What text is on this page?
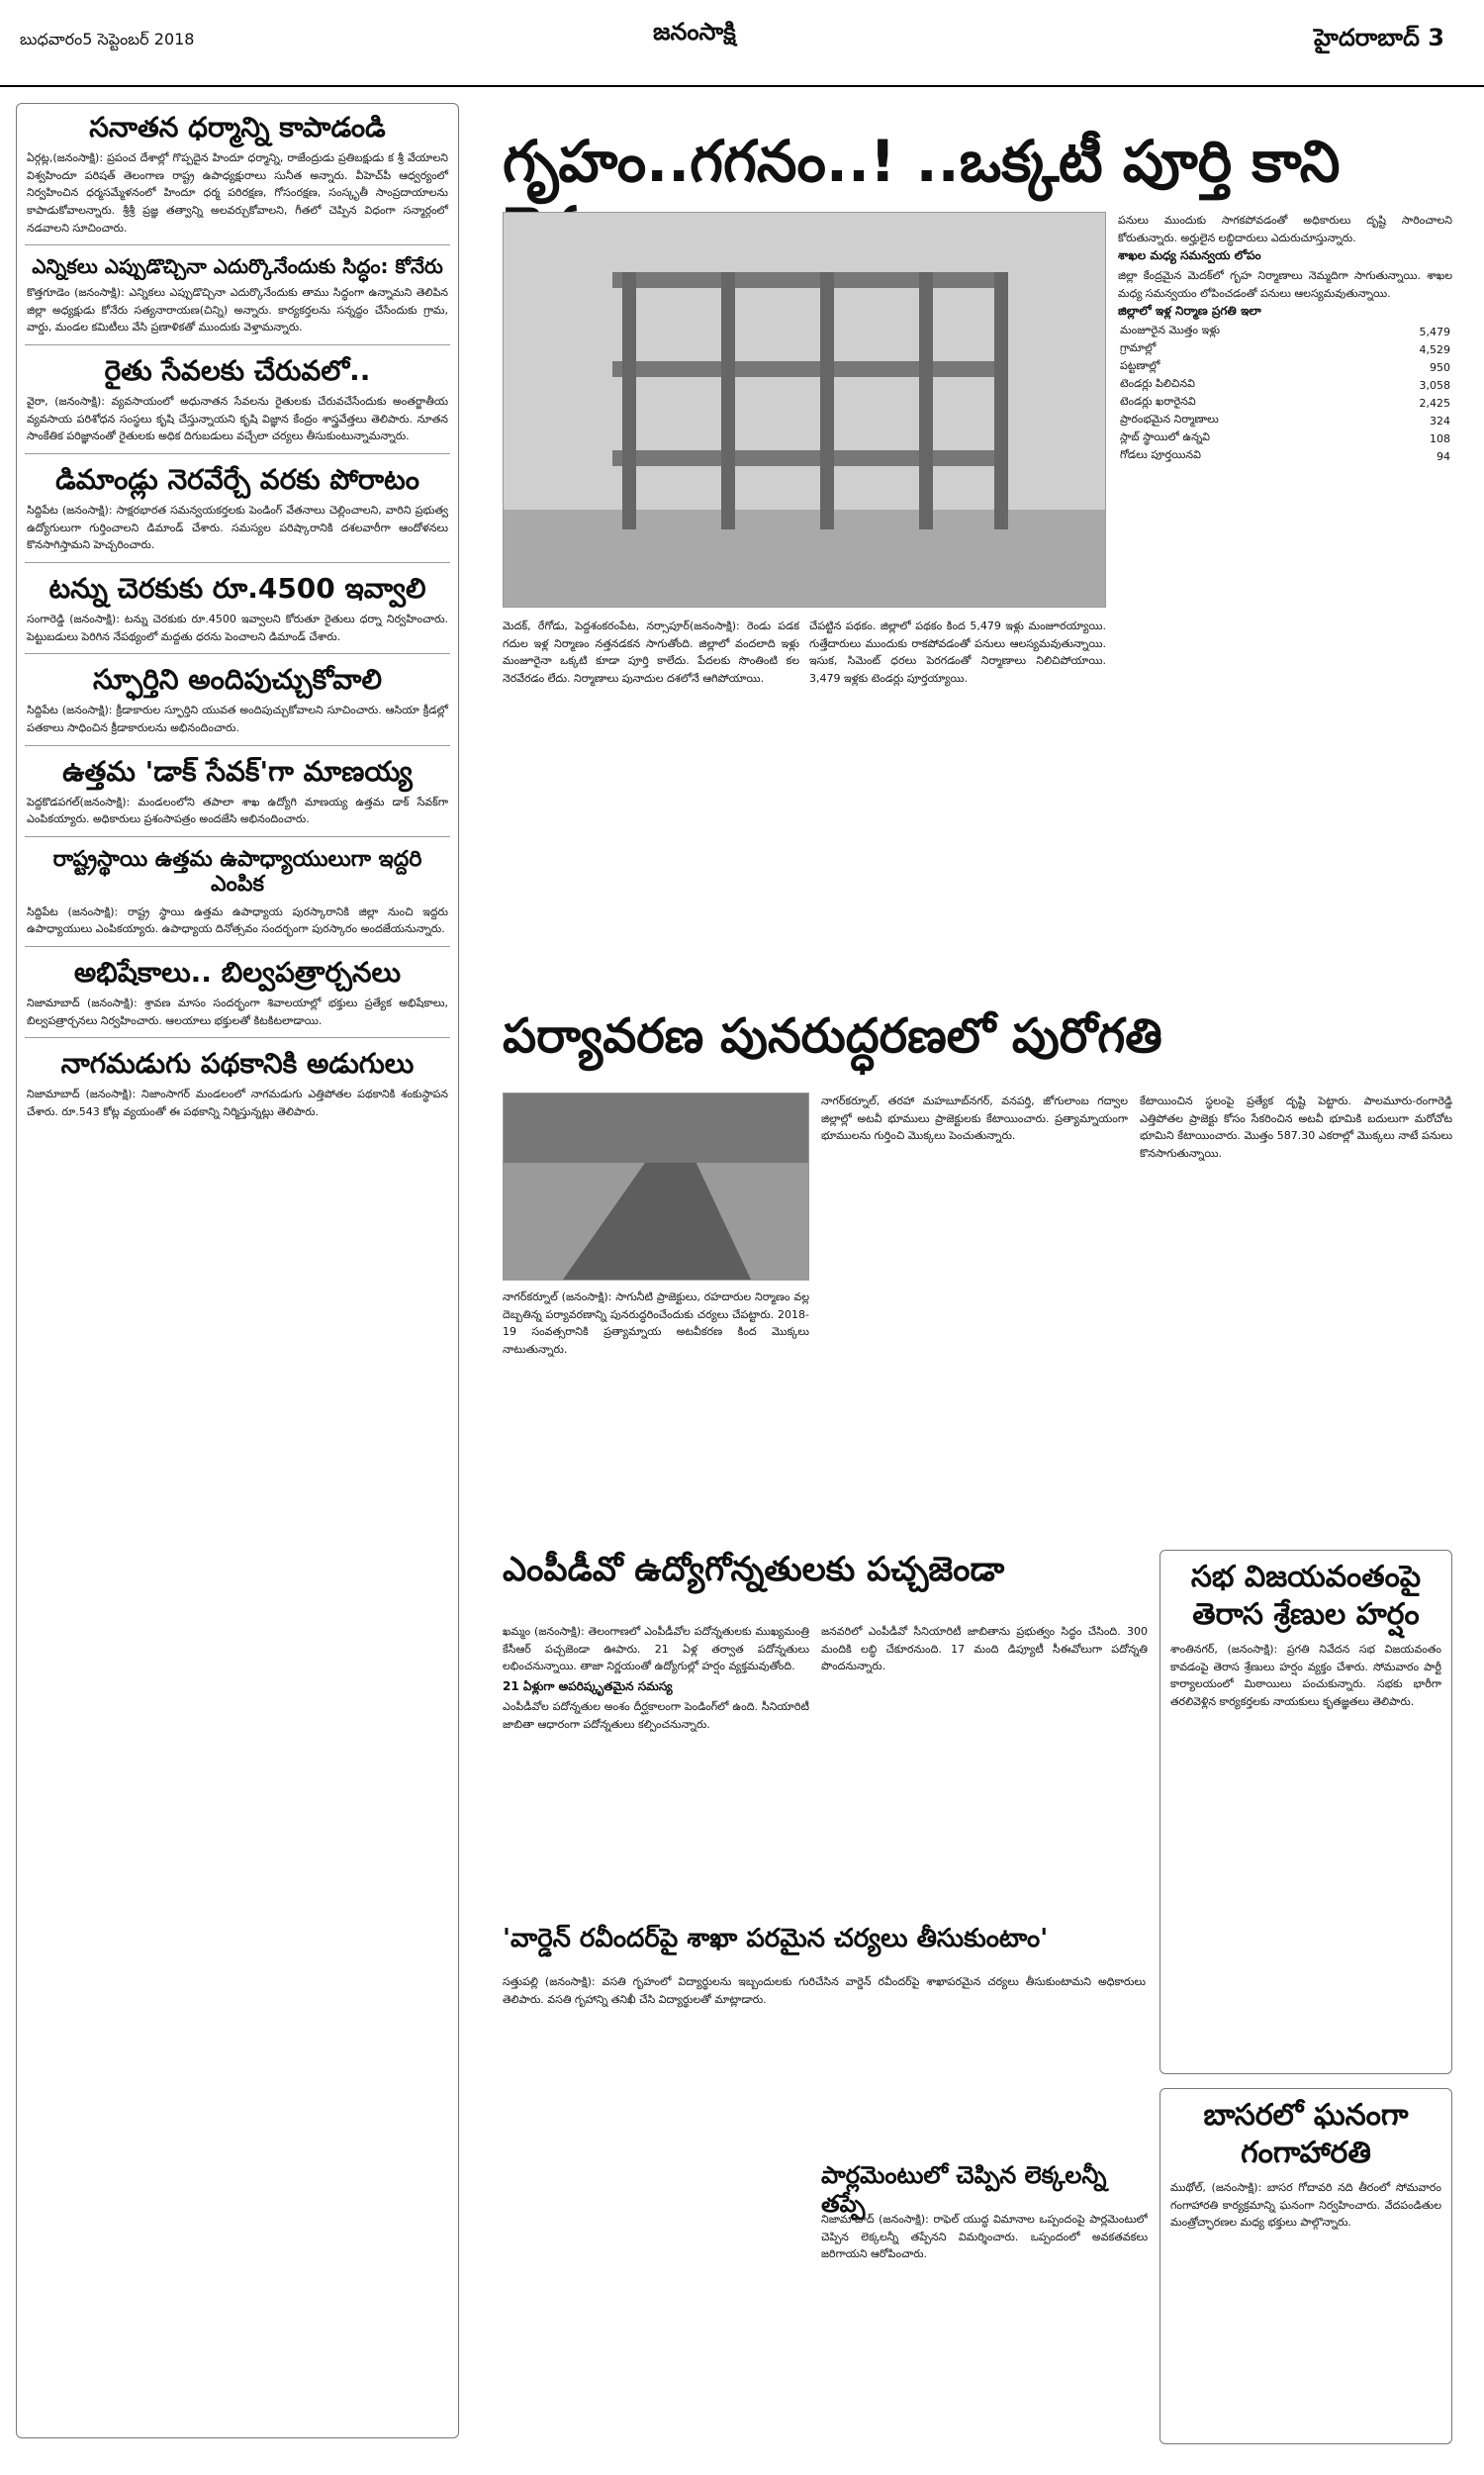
బుధవారం5 సెప్టెంబర్ 2018	జనంసాక్షి	హైదరాబాద్ 3
సనాతన ధర్మాన్ని కాపాడండి

ఏర్గట్ల,(జనంసాక్షి): ప్రపంచ దేశాల్లో గొప్పదైన హిందూ ధర్మాన్ని, రాజేంద్రుడు ప్రతిబక్షుడు క శ్రీ వేయాలని విశ్వహిందూ పరిషత్ తెలంగాణ రాష్ట్ర ఉపాధ్యక్షురాలు సునీత అన్నారు. వీహెచ్‌పీ ఆధ్వర్యంలో నిర్వహించిన ధర్మసమ్మేళనంలో హిందూ ధర్మ పరిరక్షణ, గోసంరక్షణ, సంస్కృతీ సాంప్రదాయాలను కాపాడుకోవాలన్నారు. శ్రీశ్రీ ప్రజ్ఞ తత్వాన్ని అలవర్చుకోవాలని, గీతలో చెప్పిన విధంగా సన్మార్గంలో నడవాలని సూచించారు.

ఎన్నికలు ఎప్పుడొచ్చినా ఎదుర్కొనేందుకు సిద్ధం: కోనేరు

కొత్తగూడెం (జనంసాక్షి): ఎన్నికలు ఎప్పుడొచ్చినా ఎదుర్కొనేందుకు తాము సిద్ధంగా ఉన్నామని తెలిపిన జిల్లా అధ్యక్షుడు కోనేరు సత్యనారాయణ(చిన్ని) అన్నారు. కార్యకర్తలను సన్నద్ధం చేసేందుకు గ్రామ, వార్డు, మండల కమిటీలు వేసి ప్రణాళికతో ముందుకు వెళ్తామన్నారు.

రైతు సేవలకు చేరువలో..

వైరా, (జనంసాక్షి): వ్యవసాయంలో అధునాతన సేవలను రైతులకు చేరువచేసేందుకు అంతర్జాతీయ వ్యవసాయ పరిశోధన సంస్థలు కృషి చేస్తున్నాయని కృషి విజ్ఞాన కేంద్రం శాస్త్రవేత్తలు తెలిపారు. నూతన సాంకేతిక పరిజ్ఞానంతో రైతులకు అధిక దిగుబడులు వచ్చేలా చర్యలు తీసుకుంటున్నామన్నారు.

డిమాండ్లు నెరవేర్చే వరకు పోరాటం

సిద్దిపేట (జనంసాక్షి): సాక్షరభారత సమన్వయకర్తలకు పెండింగ్ వేతనాలు చెల్లించాలని, వారిని ప్రభుత్వ ఉద్యోగులుగా గుర్తించాలని డిమాండ్ చేశారు. సమస్యల పరిష్కారానికి దశలవారీగా ఆందోళనలు కొనసాగిస్తామని హెచ్చరించారు.

టన్ను చెరకుకు రూ.4500 ఇవ్వాలి

సంగారెడ్డి (జనంసాక్షి): టన్ను చెరకుకు రూ.4500 ఇవ్వాలని కోరుతూ రైతులు ధర్నా నిర్వహించారు. పెట్టుబడులు పెరిగిన నేపథ్యంలో మద్దతు ధరను పెంచాలని డిమాండ్ చేశారు.

స్ఫూర్తిని అందిపుచ్చుకోవాలి

సిద్దిపేట (జనంసాక్షి): క్రీడాకారుల స్ఫూర్తిని యువత అందిపుచ్చుకోవాలని సూచించారు. ఆసియా క్రీడల్లో పతకాలు సాధించిన క్రీడాకారులను అభినందించారు.

ఉత్తమ 'డాక్ సేవక్'గా మాణయ్య

పెద్దకొడపగల్(జనంసాక్షి): మండలంలోని తపాలా శాఖ ఉద్యోగి మాణయ్య ఉత్తమ డాక్ సేవక్‌గా ఎంపికయ్యారు. అధికారులు ప్రశంసాపత్రం అందజేసి అభినందించారు.

రాష్ట్రస్థాయి ఉత్తమ ఉపాధ్యాయులుగా ఇద్దరి ఎంపిక

సిద్దిపేట (జనంసాక్షి): రాష్ట్ర స్థాయి ఉత్తమ ఉపాధ్యాయ పురస్కారానికి జిల్లా నుంచి ఇద్దరు ఉపాధ్యాయులు ఎంపికయ్యారు. ఉపాధ్యాయ దినోత్సవం సందర్భంగా పురస్కారం అందజేయనున్నారు.

అభిషేకాలు.. బిల్వపత్రార్చనలు

నిజామాబాద్ (జనంసాక్షి): శ్రావణ మాసం సందర్భంగా శివాలయాల్లో భక్తులు ప్రత్యేక అభిషేకాలు, బిల్వపత్రార్చనలు నిర్వహించారు. ఆలయాలు భక్తులతో కిటకిటలాడాయి.

నాగమడుగు పథకానికి అడుగులు

నిజామాబాద్ (జనంసాక్షి): నిజాంసాగర్ మండలంలో నాగమడుగు ఎత్తిపోతల పథకానికి శంకుస్థాపన చేశారు. రూ.543 కోట్ల వ్యయంతో ఈ పథకాన్ని నిర్మిస్తున్నట్లు తెలిపారు.

గృహం..గగనం..! ..ఒక్కటీ పూర్తి కాని
మెదక్, రేగోడు, పెద్దశంకరంపేట, నర్సాపూర్(జనంసాక్షి): రెండు పడక గదుల ఇళ్ల నిర్మాణం నత్తనడకన సాగుతోంది. జిల్లాలో వందలాది ఇళ్లు మంజూరైనా ఒక్కటి కూడా పూర్తి కాలేదు. పేదలకు సొంతింటి కల నెరవేరడం లేదు. నిర్మాణాలు పునాదుల దశలోనే ఆగిపోయాయి.
చేపట్టిన పథకం. జిల్లాలో పథకం కింద 5,479 ఇళ్లు మంజూరయ్యాయి. గుత్తేదారులు ముందుకు రాకపోవడంతో పనులు ఆలస్యమవుతున్నాయి. ఇసుక, సిమెంట్ ధరలు పెరగడంతో నిర్మాణాలు నిలిచిపోయాయి. 3,479 ఇళ్లకు టెండర్లు పూర్తయ్యాయి.
పనులు ముందుకు సాగకపోవడంతో అధికారులు దృష్టి సారించాలని కోరుతున్నారు. అర్హులైన లబ్ధిదారులు ఎదురుచూస్తున్నారు.
శాఖల మధ్య సమన్వయ లోపం
జిల్లా కేంద్రమైన మెదక్‌లో గృహ నిర్మాణాలు నెమ్మదిగా సాగుతున్నాయి. శాఖల మధ్య సమన్వయం లోపించడంతో పనులు ఆలస్యమవుతున్నాయి.
జిల్లాలో ఇళ్ల నిర్మాణ ప్రగతి ఇలా
మంజూరైన మొత్తం ఇళ్లు	5,479
గ్రామాల్లో	4,529
పట్టణాల్లో	950
టెండర్లు పిలిచినవి	3,058
టెండర్లు ఖరారైనవి	2,425
ప్రారంభమైన నిర్మాణాలు	324
స్లాబ్ స్థాయిలో ఉన్నవి	108
గోడలు పూర్తయినవి	94
పర్యావరణ పునరుద్ధరణలో పురోగతి
నాగర్‌కర్నూల్ (జనంసాక్షి): సాగునీటి ప్రాజెక్టులు, రహదారుల నిర్మాణం వల్ల దెబ్బతిన్న పర్యావరణాన్ని పునరుద్ధరించేందుకు చర్యలు చేపట్టారు. 2018-19 సంవత్సరానికి ప్రత్యామ్నాయ అటవీకరణ కింద మొక్కలు నాటుతున్నారు.
నాగర్‌కర్నూల్, తరహా మహబూబ్‌నగర్, వనపర్తి, జోగులాంబ గద్వాల జిల్లాల్లో అటవీ భూములు ప్రాజెక్టులకు కేటాయించారు. ప్రత్యామ్నాయంగా భూములను గుర్తించి మొక్కలు పెంచుతున్నారు.
కేటాయించిన స్థలంపై ప్రత్యేక దృష్టి పెట్టారు. పాలమూరు-రంగారెడ్డి ఎత్తిపోతల ప్రాజెక్టు కోసం సేకరించిన అటవీ భూమికి బదులుగా మరోచోట భూమిని కేటాయించారు. మొత్తం 587.30 ఎకరాల్లో మొక్కలు నాటే పనులు కొనసాగుతున్నాయి.
ఎంపీడీవో ఉద్యోగోన్నతులకు పచ్చజెండా
ఖమ్మం (జనంసాక్షి): తెలంగాణలో ఎంపీడీవోల పదోన్నతులకు ముఖ్యమంత్రి కేసీఆర్ పచ్చజెండా ఊపారు. 21 ఏళ్ల తర్వాత పదోన్నతులు లభించనున్నాయి. తాజా నిర్ణయంతో ఉద్యోగుల్లో హర్షం వ్యక్తమవుతోంది.
21 ఏళ్లుగా అపరిష్కృతమైన సమస్య
ఎంపీడీవోల పదోన్నతుల అంశం దీర్ఘకాలంగా పెండింగ్‌లో ఉంది. సీనియారిటీ జాబితా ఆధారంగా పదోన్నతులు కల్పించనున్నారు.
జనవరిలో ఎంపీడీవో సీనియారిటీ జాబితాను ప్రభుత్వం సిద్ధం చేసింది. 300 మందికి లబ్ధి చేకూరనుంది. 17 మంది డిప్యూటీ సీఈవోలుగా పదోన్నతి పొందనున్నారు.
సభ విజయవంతంపై తెరాస శ్రేణుల హర్షం
శాంతినగర్, (జనంసాక్షి): ప్రగతి నివేదన సభ విజయవంతం కావడంపై తెరాస శ్రేణులు హర్షం వ్యక్తం చేశారు. సోమవారం పార్టీ కార్యాలయంలో మిఠాయిలు పంచుకున్నారు. సభకు భారీగా తరలివెళ్లిన కార్యకర్తలకు నాయకులు కృతజ్ఞతలు తెలిపారు.
'వార్డెన్ రవీందర్‌పై శాఖా పరమైన చర్యలు తీసుకుంటాం'
సత్తుపల్లి (జనంసాక్షి): వసతి గృహంలో విద్యార్థులను ఇబ్బందులకు గురిచేసిన వార్డెన్ రవీందర్‌పై శాఖాపరమైన చర్యలు తీసుకుంటామని అధికారులు తెలిపారు. వసతి గృహాన్ని తనిఖీ చేసి విద్యార్థులతో మాట్లాడారు.
పార్లమెంటులో చెప్పిన లెక్కలన్నీ తప్పే
నిజామాబాద్ (జనంసాక్షి): రాఫెల్ యుద్ధ విమానాల ఒప్పందంపై పార్లమెంటులో చెప్పిన లెక్కలన్నీ తప్పేనని విమర్శించారు. ఒప్పందంలో అవకతవకలు జరిగాయని ఆరోపించారు.
బాసరలో ఘనంగా గంగాహారతి
ముథోల్, (జనంసాక్షి): బాసర గోదావరి నది తీరంలో సోమవారం గంగాహారతి కార్యక్రమాన్ని ఘనంగా నిర్వహించారు. వేదపండితుల మంత్రోచ్ఛారణల మధ్య భక్తులు పాల్గొన్నారు.
